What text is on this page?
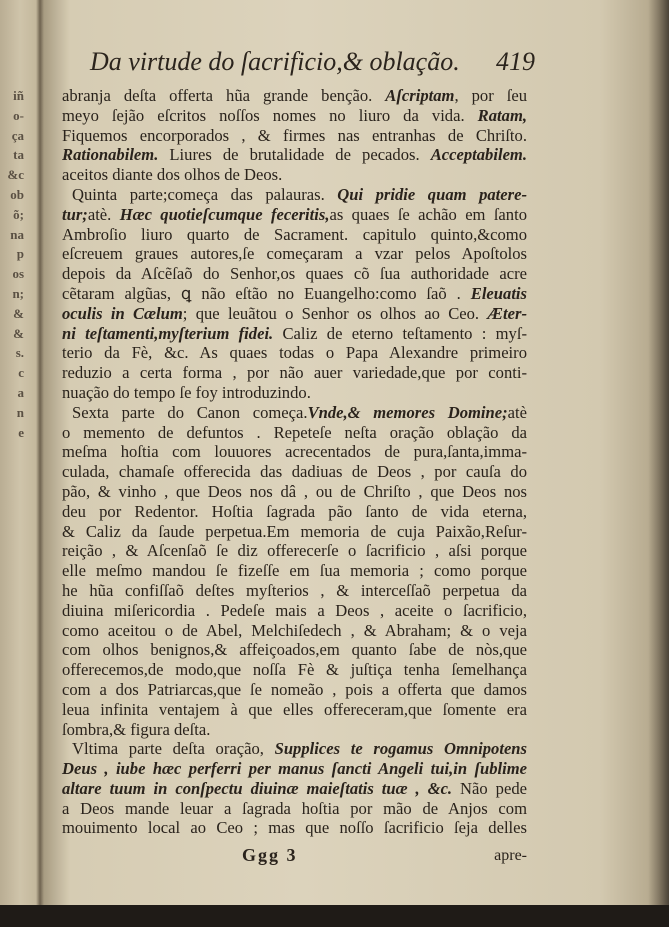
iñ
o-
ça
ta
&c
ob
õ;
na
p
os
n;
&
&
s.
c
a
n
e
Da virtude do ſacrificio,& oblação. 419
abranja deſta offerta hũa grande benção. Aſcriptam, por ſeu
meyo ſejão eſcritos noſſos nomes no liuro da vida. Ratam,
Fiquemos encorporados , & firmes nas entranhas de Chriſto.
Rationabilem. Liures de brutalidade de pecados. Acceptabilem.
aceitos diante dos olhos de Deos.
Quinta parte;começa das palauras. Qui pridie quam patere-
tur;atè. Hæc quotieſcumque feceritis,as quaes ſe achão em ſanto
Ambroſio liuro quarto de Sacrament. capitulo quinto,&como
eſcreuem graues autores,ſe começaram a vzar pelos Apoſtolos
depois da Aſcẽſaõ do Senhor,os quaes cõ ſua authoridade acre
cẽtaram algũas, ꝗ não eſtão no Euangelho:como ſaõ . Eleuatis
oculis in Cælum; que leuãtou o Senhor os olhos ao Ceo. Æter-
ni teſtamenti,myſterium fidei. Caliz de eterno teſtamento : myſ-
terio da Fè, &c. As quaes todas o Papa Alexandre primeiro
reduzio a certa forma , por não auer variedade,que por conti-
nuação do tempo ſe foy introduzindo.
Sexta parte do Canon começa.Vnde,& memores Domine;atè
o memento de defuntos . Repeteſe neſta oração oblação da
meſma hoſtia com louuores acrecentados de pura,ſanta,imma-
culada, chamaſe offerecida das dadiuas de Deos , por cauſa do
pão, & vinho , que Deos nos dâ , ou de Chriſto , que Deos nos
deu por Redentor. Hoſtia ſagrada pão ſanto de vida eterna,
& Caliz da ſaude perpetua.Em memoria de cuja Paixão,Reſur-
reição , & Aſcenſaõ ſe diz offerecerſe o ſacrificio , aſsi porque
elle meſmo mandou ſe fizeſſe em ſua memoria ; como porque
he hũa confiſſaõ deſtes myſterios , & interceſſaõ perpetua da
diuina miſericordia . Pedeſe mais a Deos , aceite o ſacrificio,
como aceitou o de Abel, Melchiſedech , & Abraham; & o veja
com olhos benignos,& affeiçoados,em quanto ſabe de nòs,que
offerecemos,de modo,que noſſa Fè & juſtiça tenha ſemelhança
com a dos Patriarcas,que ſe nomeão , pois a offerta que damos
leua infinita ventajem à que elles offereceram,que ſomente era
ſombra,& figura deſta.
Vltima parte deſta oração, Supplices te rogamus Omnipotens
Deus , iube hæc perferri per manus ſancti Angeli tui,in ſublime
altare tuum in conſpectu diuinæ maieſtatis tuæ , &c. Não pede
a Deos mande leuar a ſagrada hoſtia por mão de Anjos com
mouimento local ao Ceo ; mas que noſſo ſacrificio ſeja delles
Ggg 3	apre-
